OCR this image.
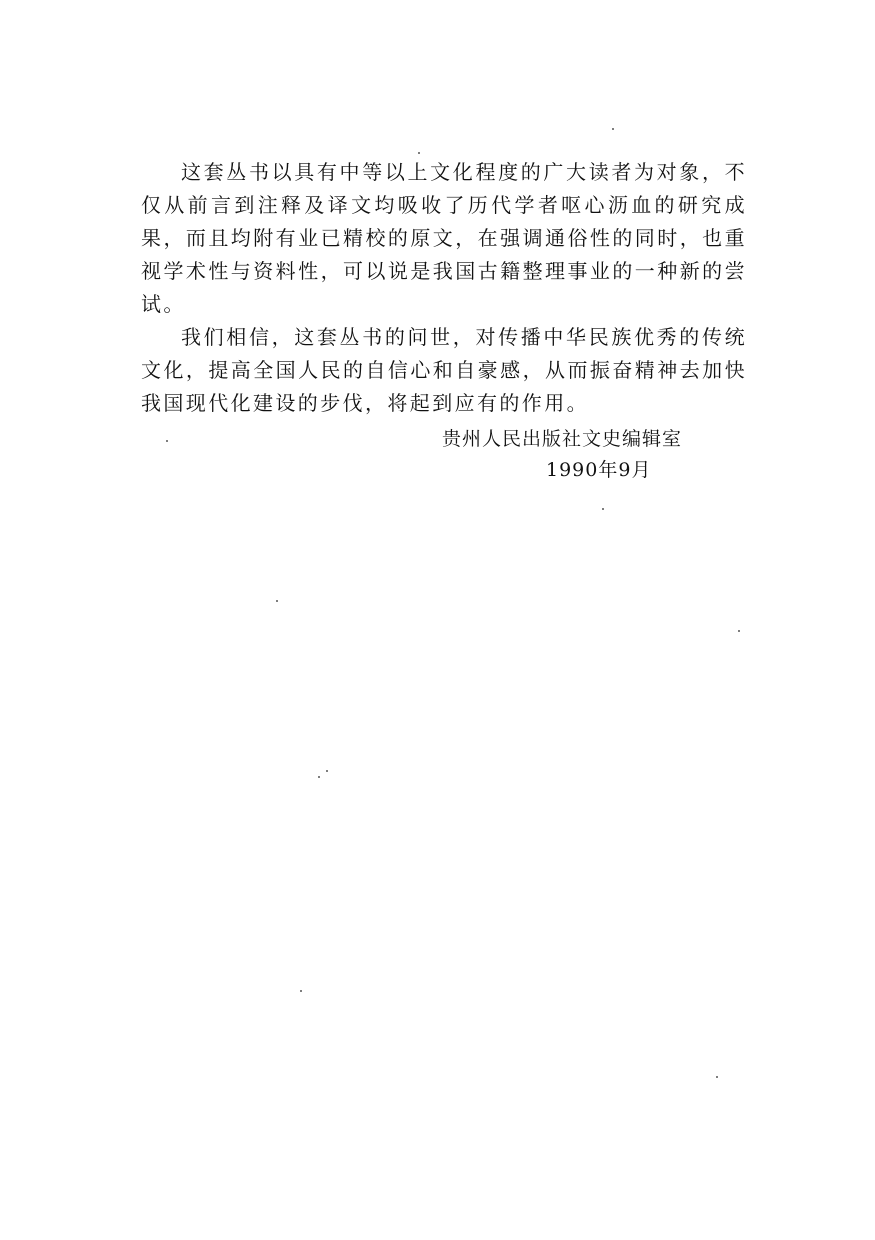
这套丛书以具有中等以上文化程度的广大读者为对象，不仅从前言到注释及译文均吸收了历代学者呕心沥血的研究成果，而且均附有业已精校的原文，在强调通俗性的同时，也重视学术性与资料性，可以说是我国古籍整理事业的一种新的尝试。

我们相信，这套丛书的问世，对传播中华民族优秀的传统文化，提高全国人民的自信心和自豪感，从而振奋精神去加快我国现代化建设的步伐，将起到应有的作用。

贵州人民出版社文史编辑室
1990年9月
